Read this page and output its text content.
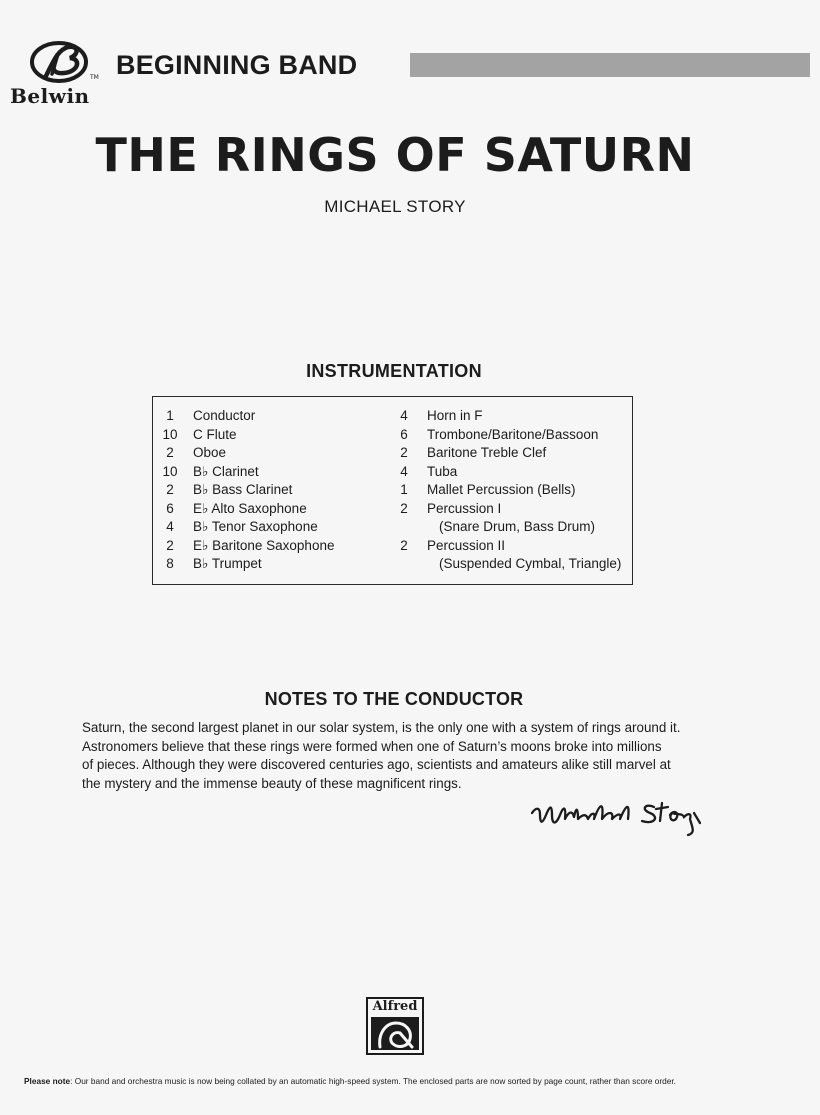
TM
Belwin
BEGINNING BAND
THE RINGS OF SATURN
MICHAEL STORY
INSTRUMENTATION
1	Conductor
10 C Flute
2	Oboe
10 B♭ Clarinet
2	B♭ Bass Clarinet
6	E♭ Alto Saxophone
4	B♭ Tenor Saxophone
2	E♭ Baritone Saxophone
8	B♭ Trumpet
4	Horn in F
6	Trombone/Baritone/Bassoon
2	Baritone Treble Clef
4	Tuba
1	Mallet Percussion (Bells)
2	Percussion I
(Snare Drum, Bass Drum)
2	Percussion II
(Suspended Cymbal, Triangle)
NOTES TO THE CONDUCTOR

Saturn, the second largest planet in our solar system, is the only one with a system of rings around it.

Astronomers believe that these rings were formed when one of Saturn’s moons broke into millions

of pieces. Although they were discovered centuries ago, scientists and amateurs alike still marvel at

the mystery and the immense beauty of these magnificent rings.

Alfred
Please note: Our band and orchestra music is now being collated by an automatic high-speed system. The enclosed parts are now sorted by page count, rather than score order.
